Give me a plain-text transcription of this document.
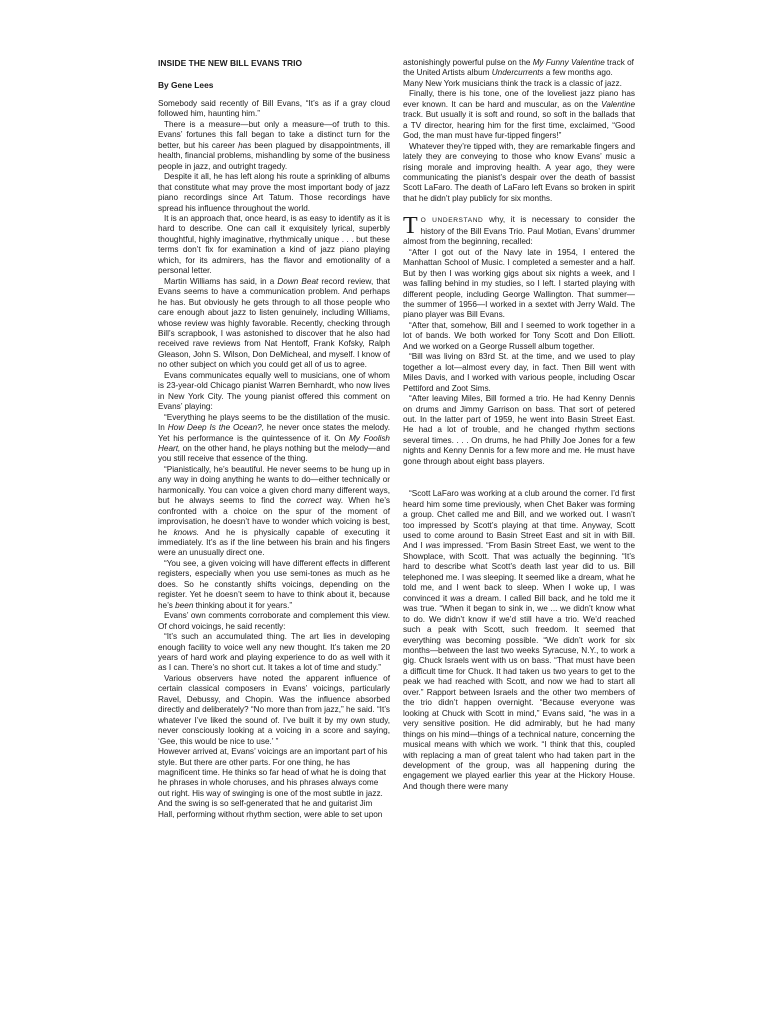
INSIDE THE NEW BILL EVANS TRIO
By Gene Lees

Somebody said recently of Bill Evans, “It’s as if a gray cloud followed him, haunting him.”

There is a measure—but only a measure—of truth to this. Evans’ fortunes this fall began to take a distinct turn for the better, but his career has been plagued by disappointments, ill health, financial problems, mishandling by some of the business people in jazz, and outright tragedy.

Despite it all, he has left along his route a sprinkling of albums that constitute what may prove the most important body of jazz piano recordings since Art Tatum. Those recordings have spread his influence throughout the world.

It is an approach that, once heard, is as easy to identify as it is hard to describe. One can call it exquisitely lyrical, superbly thoughtful, highly imaginative, rhythmically unique . . . but these terms don’t fix for examination a kind of jazz piano playing which, for its admirers, has the flavor and emotionality of a personal letter.

Martin Williams has said, in a Down Beat record review, that Evans seems to have a communication problem. And perhaps he has. But obviously he gets through to all those people who care enough about jazz to listen genuinely, including Williams, whose review was highly favorable. Recently, checking through Bill’s scrapbook, I was astonished to discover that he also had received rave reviews from Nat Hentoff, Frank Kofsky, Ralph Gleason, John S. Wilson, Don DeMicheal, and myself. I know of no other subject on which you could get all of us to agree.

Evans communicates equally well to musicians, one of whom is 23-year-old Chicago pianist Warren Bernhardt, who now lives in New York City. The young pianist offered this comment on Evans’ playing:

“Everything he plays seems to be the distillation of the music. In How Deep Is the Ocean?, he never once states the melody. Yet his performance is the quintessence of it. On My Foolish Heart, on the other hand, he plays nothing but the melody—and you still receive that essence of the thing.

“Pianistically, he’s beautiful. He never seems to be hung up in any way in doing anything he wants to do—either technically or harmonically. You can voice a given chord many different ways, but he always seems to find the correct way. When he’s confronted with a choice on the spur of the moment of improvisation, he doesn’t have to wonder which voicing is best, he knows. And he is physically capable of executing it immediately. It’s as if the line between his brain and his fingers were an unusually direct one.

“You see, a given voicing will have different effects in different registers, especially when you use semi-tones as much as he does. So he constantly shifts voicings, depending on the register. Yet he doesn’t seem to have to think about it, because he’s been thinking about it for years.”

Evans’ own comments corroborate and complement this view. Of chord voicings, he said recently:

“It’s such an accumulated thing. The art lies in developing enough facility to voice well any new thought. It’s taken me 20 years of hard work and playing experience to do as well with it as I can. There’s no short cut. It takes a lot of time and study.”

Various observers have noted the apparent influence of certain classical composers in Evans’ voicings, particularly Ravel, Debussy, and Chopin. Was the influence absorbed directly and deliberately? “No more than from jazz,” he said. “It’s whatever I’ve liked the sound of. I’ve built it by my own study, never consciously looking at a voicing in a score and saying, ‘Gee, this would be nice to use.’ ”

However arrived at, Evans’ voicings are an important part of his style. But there are other parts. For one thing, he has magnificent time. He thinks so far head of what he is doing that he phrases in whole choruses, and his phrases always come out right. His way of swinging is one of the most subtle in jazz. And the swing is so self-generated that he and guitarist Jim Hall, performing without rhythm section, were able to set upon

astonishingly powerful pulse on the My Funny Valentine track of the United Artists album Undercurrents a few months ago. Many New York musicians think the track is a classic of jazz.

Finally, there is his tone, one of the loveliest jazz piano has ever known. It can be hard and muscular, as on the Valentine track. But usually it is soft and round, so soft in the ballads that a TV director, hearing him for the first time, exclaimed, “Good God, the man must have fur-tipped fingers!”

Whatever they’re tipped with, they are remarkable fingers and lately they are conveying to those who know Evans’ music a rising morale and improving health. A year ago, they were communicating the pianist’s despair over the death of bassist Scott LaFaro. The death of LaFaro left Evans so broken in spirit that he didn’t play publicly for six months.

T O UNDERSTAND why, it is necessary to consider the history of the Bill Evans Trio. Paul Motian, Evans’ drummer almost from the beginning, recalled:

“After I got out of the Navy late in 1954, I entered the Manhattan School of Music. I completed a semester and a half. But by then I was working gigs about six nights a week, and I was falling behind in my studies, so I left. I started playing with different people, including George Wallington. That summer—the summer of 1956—I worked in a sextet with Jerry Wald. The piano player was Bill Evans.

“After that, somehow, Bill and I seemed to work together in a lot of bands. We both worked for Tony Scott and Don Elliott. And we worked on a George Russell album together.

“Bill was living on 83rd St. at the time, and we used to play together a lot—almost every day, in fact. Then Bill went with Miles Davis, and I worked with various people, including Oscar Pettiford and Zoot Sims.

“After leaving Miles, Bill formed a trio. He had Kenny Dennis on drums and Jimmy Garrison on bass. That sort of petered out. In the latter part of 1959, he went into Basin Street East. He had a lot of trouble, and he changed rhythm sections several times. . . . On drums, he had Philly Joe Jones for a few nights and Kenny Dennis for a few more and me. He must have gone through about eight bass players.

“Scott LaFaro was working at a club around the corner. I’d first heard him some time previously, when Chet Baker was forming a group. Chet called me and Bill, and we worked out. I wasn’t too impressed by Scott’s playing at that time. Anyway, Scott used to come around to Basin Street East and sit in with Bill. And I was impressed. “From Basin Street East, we went to the Showplace, with Scott. That was actually the beginning. “It’s hard to describe what Scott’s death last year did to us. Bill telephoned me. I was sleeping. It seemed like a dream, what he told me, and I went back to sleep. When I woke up, I was convinced it was a dream. I called Bill back, and he told me it was true. “When it began to sink in, we ... we didn’t know what to do. We didn’t know if we’d still have a trio. We’d reached such a peak with Scott, such freedom. It seemed that everything was becoming possible. “We didn’t work for six months—between the last two weeks Syracuse, N.Y., to work a gig. Chuck Israels went with us on bass. “That must have been a difficult time for Chuck. It had taken us two years to get to the peak we had reached with Scott, and now we had to start all over.” Rapport between Israels and the other two members of the trio didn’t happen overnight. “Because everyone was looking at Chuck with Scott in mind,” Evans said, “he was in a very sensitive position. He did admirably, but he had many things on his mind—things of a technical nature, concerning the musical means with which we work. “I think that this, coupled with replacing a man of great talent who had taken part in the development of the group, was all happening during the engagement we played earlier this year at the Hickory House. And though there were many
